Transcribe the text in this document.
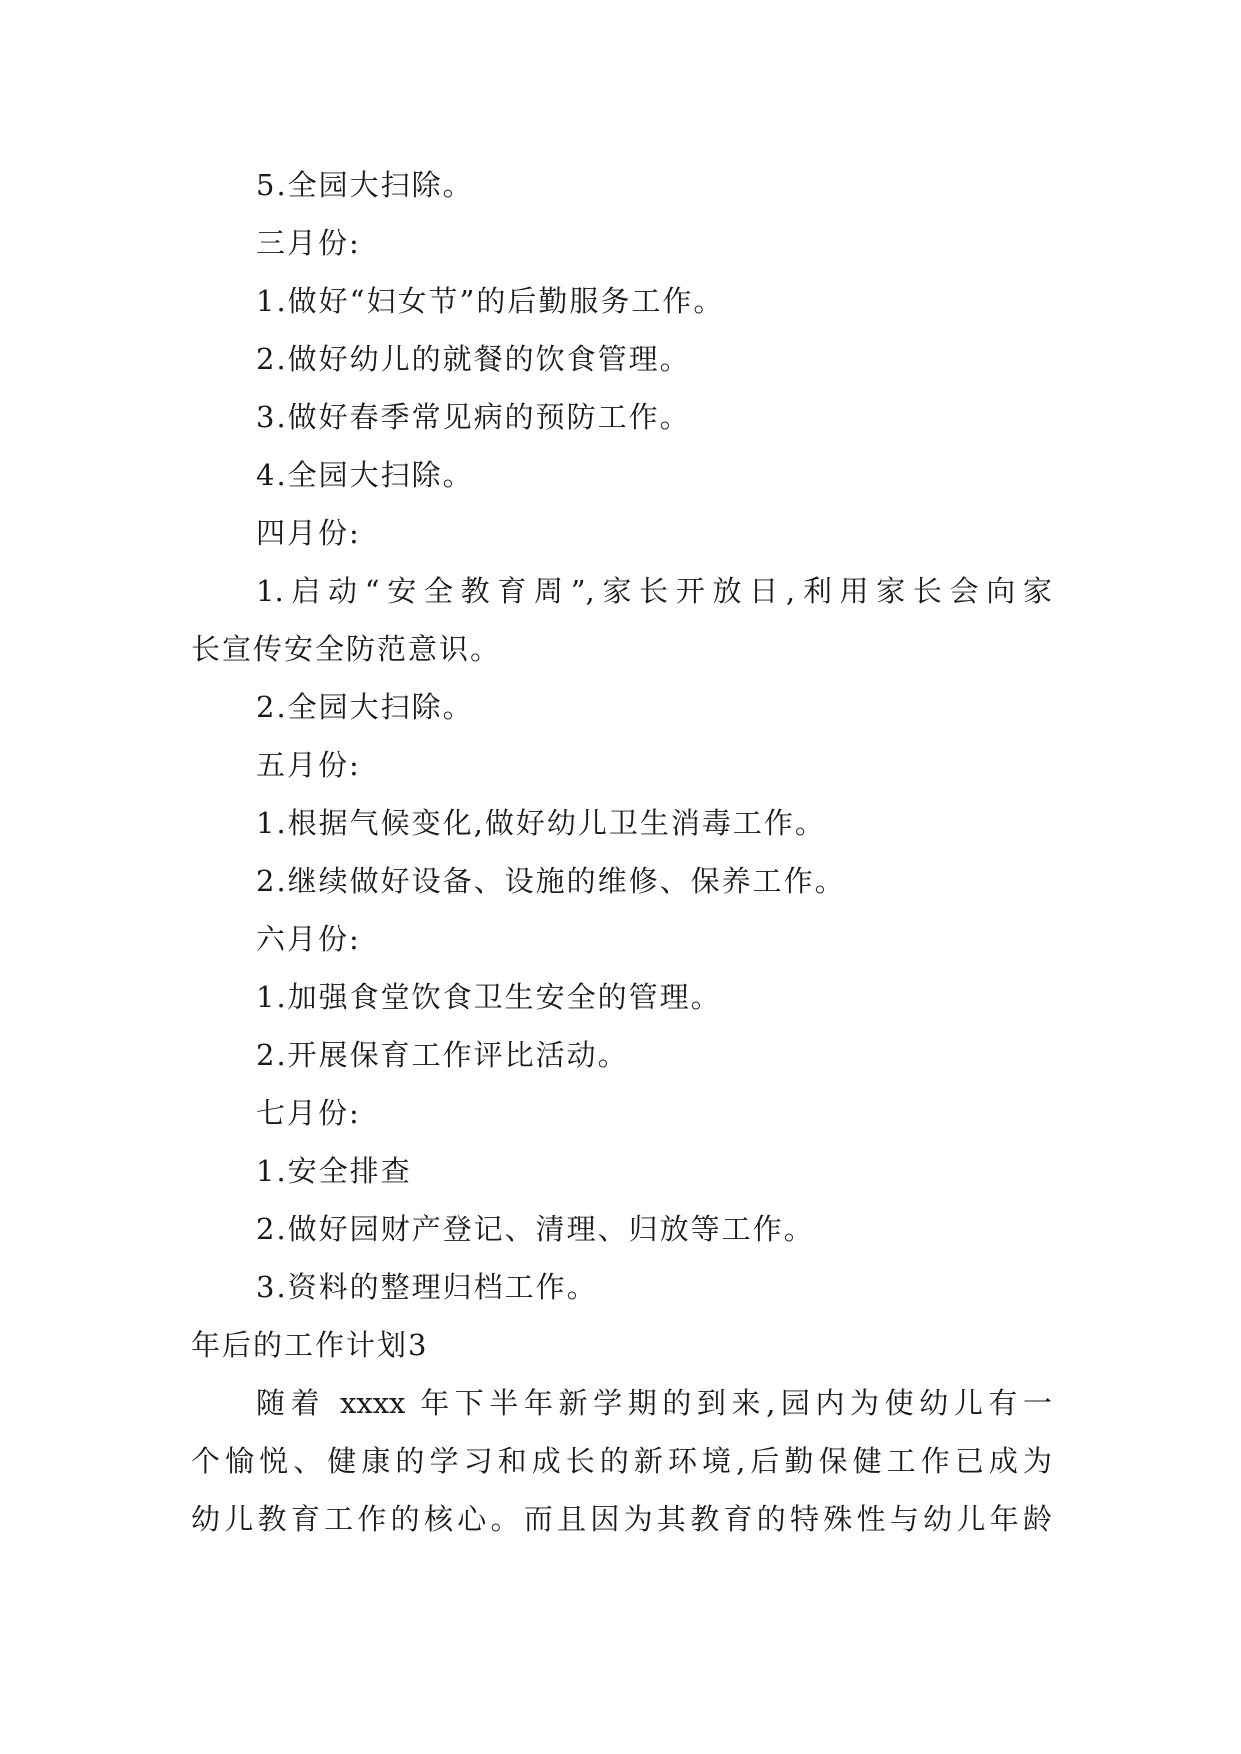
5.全园大扫除。
三月份:
1.做好“妇女节”的后勤服务工作。
2.做好幼儿的就餐的饮食管理。
3.做好春季常见病的预防工作。
4.全园大扫除。
四月份:
1.启动“安全教育周”,家长开放日,利用家长会向家
长宣传安全防范意识。
2.全园大扫除。
五月份:
1.根据气候变化,做好幼儿卫生消毒工作。
2.继续做好设备、设施的维修、保养工作。
六月份:
1.加强食堂饮食卫生安全的管理。
2.开展保育工作评比活动。
七月份:
1.安全排查
2.做好园财产登记、清理、归放等工作。
3.资料的整理归档工作。
年后的工作计划3
随着 xxxx 年下半年新学期的到来,园内为使幼儿有一
个愉悦、健康的学习和成长的新环境,后勤保健工作已成为
幼儿教育工作的核心。而且因为其教育的特殊性与幼儿年龄
